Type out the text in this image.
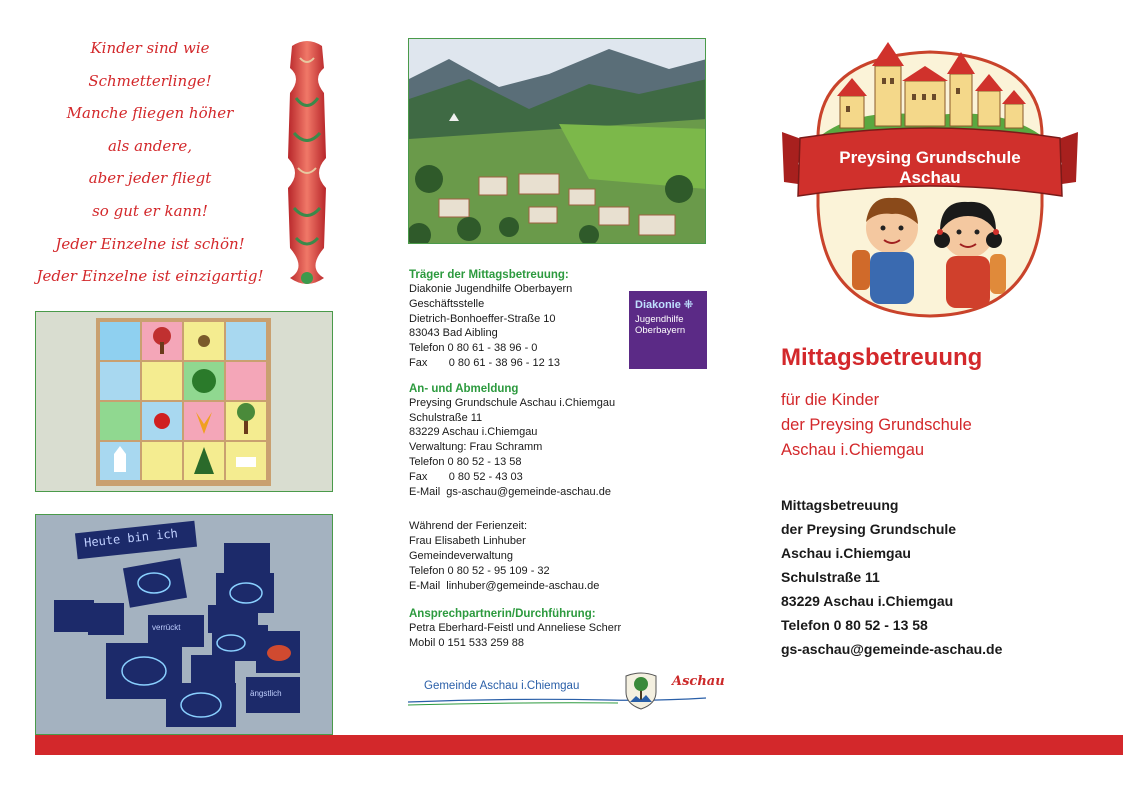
Kinder sind wie
Schmetterlinge!
Manche fliegen höher
als andere,
aber jeder fliegt
so gut er kann!
Jeder Einzelne ist schön!
Jeder Einzelne ist einzigartig!
Heute bin ich
verrückt
ängstlich
Träger der Mittagsbetreuung:
Diakonie Jugendhilfe Oberbayern
Geschäftsstelle
Dietrich-Bonhoeffer-Straße 10
83043 Bad Aibling
Telefon 0 80 61 - 38 96 - 0
Fax       0 80 61 - 38 96 - 12 13
An- und Abmeldung
Preysing Grundschule Aschau i.Chiemgau
Schulstraße 11
83229 Aschau i.Chiemgau
Verwaltung: Frau Schramm
Telefon 0 80 52 - 13 58
Fax       0 80 52 - 43 03
E-Mail  gs-aschau@gemeinde-aschau.de
Während der Ferienzeit:
Frau Elisabeth Linhuber
Gemeindeverwaltung
Telefon 0 80 52 - 95 109 - 32
E-Mail  linhuber@gemeinde-aschau.de
Ansprechpartnerin/Durchführung:
Petra Eberhard-Feistl und Anneliese Scherr
Mobil 0 151 533 259 88
Diakonie ⁜
Jugendhilfe
Oberbayern
Gemeinde Aschau i.Chiemgau	Aschau
Preysing Grundschule
Aschau
Mittagsbetreuung
für die Kinder
der Preysing Grundschule
Aschau i.Chiemgau
Mittagsbetreuung
der Preysing Grundschule
Aschau i.Chiemgau
Schulstraße 11
83229 Aschau i.Chiemgau
Telefon 0 80 52 - 13 58
gs-aschau@gemeinde-aschau.de
